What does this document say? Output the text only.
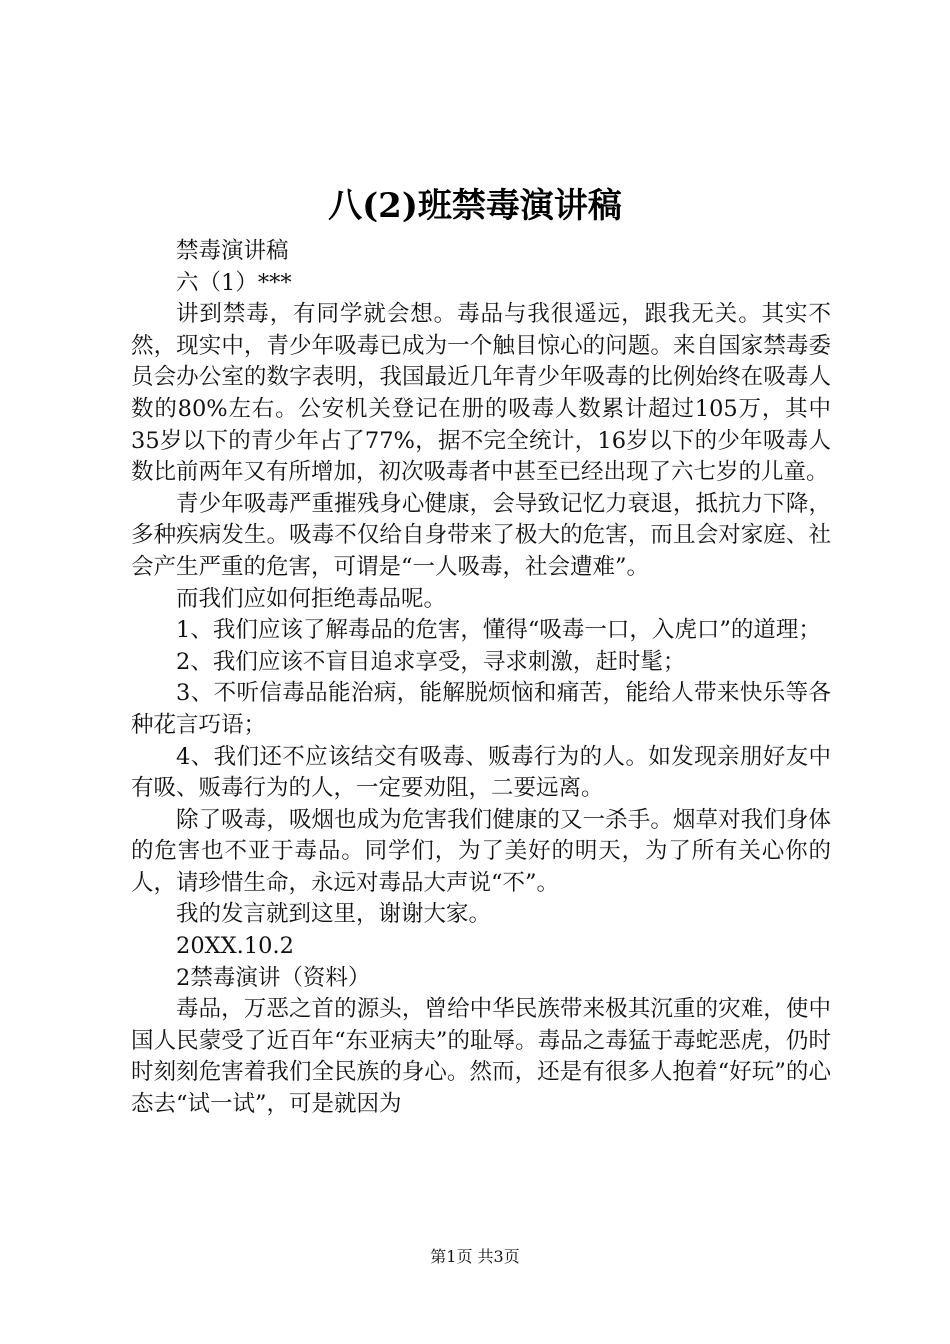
八(2)班禁毒演讲稿

禁毒演讲稿

六（1）***

讲到禁毒，有同学就会想。毒品与我很遥远，跟我无关。其实不然，现实中，青少年吸毒已成为一个触目惊心的问题。来自国家禁毒委员会办公室的数字表明，我国最近几年青少年吸毒的比例始终在吸毒人数的80%左右。公安机关登记在册的吸毒人数累计超过105万，其中35岁以下的青少年占了77%，据不完全统计，16岁以下的少年吸毒人数比前两年又有所增加，初次吸毒者中甚至已经出现了六七岁的儿童。

青少年吸毒严重摧残身心健康，会导致记忆力衰退，抵抗力下降，多种疾病发生。吸毒不仅给自身带来了极大的危害，而且会对家庭、社会产生严重的危害，可谓是“一人吸毒，社会遭难”。

而我们应如何拒绝毒品呢。

1、我们应该了解毒品的危害，懂得“吸毒一口，入虎口”的道理；

2、我们应该不盲目追求享受，寻求刺激，赶时髦；

3、不听信毒品能治病，能解脱烦恼和痛苦，能给人带来快乐等各种花言巧语；

4、我们还不应该结交有吸毒、贩毒行为的人。如发现亲朋好友中有吸、贩毒行为的人，一定要劝阻，二要远离。

除了吸毒，吸烟也成为危害我们健康的又一杀手。烟草对我们身体的危害也不亚于毒品。同学们，为了美好的明天，为了所有关心你的人，请珍惜生命，永远对毒品大声说“不”。

我的发言就到这里，谢谢大家。

20XX.10.2

2禁毒演讲（资料）

毒品，万恶之首的源头，曾给中华民族带来极其沉重的灾难，使中国人民蒙受了近百年“东亚病夫”的耻辱。毒品之毒猛于毒蛇恶虎，仍时时刻刻危害着我们全民族的身心。然而，还是有很多人抱着“好玩”的心态去“试一试”，可是就因为

第1页 共3页
